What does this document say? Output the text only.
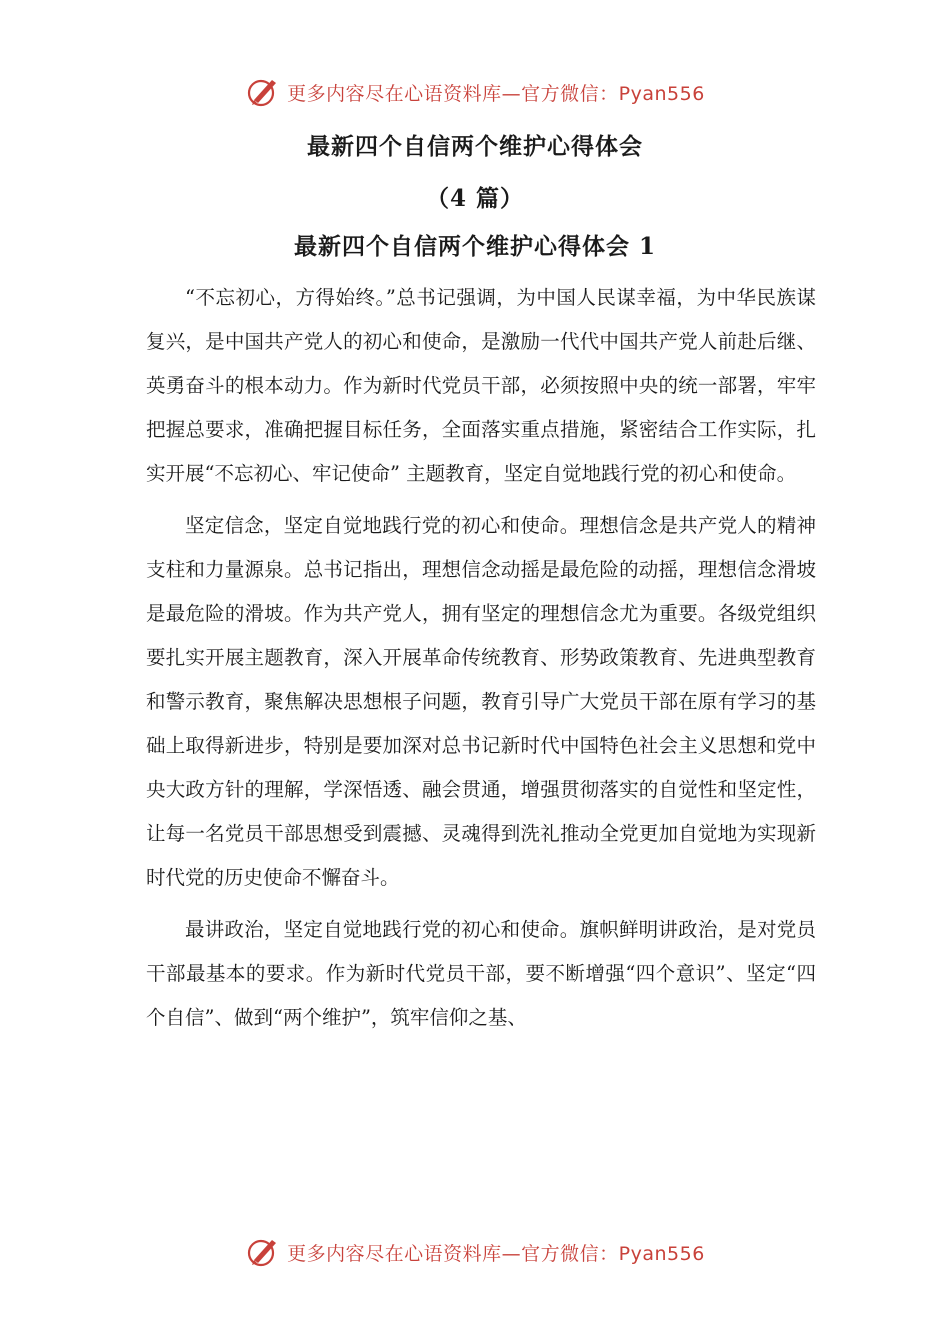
更多内容尽在心语资料库—官方微信：Pyan556
最新四个自信两个维护心得体会
（4 篇）
最新四个自信两个维护心得体会 1

“不忘初心，方得始终。”总书记强调，为中国人民谋幸福，为中华民族谋复兴，是中国共产党人的初心和使命，是激励一代代中国共产党人前赴后继、英勇奋斗的根本动力。作为新时代党员干部，必须按照中央的统一部署，牢牢把握总要求，准确把握目标任务，全面落实重点措施，紧密结合工作实际，扎实开展“不忘初心、牢记使命” 主题教育，坚定自觉地践行党的初心和使命。

坚定信念，坚定自觉地践行党的初心和使命。理想信念是共产党人的精神支柱和力量源泉。总书记指出，理想信念动摇是最危险的动摇，理想信念滑坡是最危险的滑坡。作为共产党人，拥有坚定的理想信念尤为重要。各级党组织要扎实开展主题教育，深入开展革命传统教育、形势政策教育、先进典型教育和警示教育，聚焦解决思想根子问题，教育引导广大党员干部在原有学习的基础上取得新进步，特别是要加深对总书记新时代中国特色社会主义思想和党中央大政方针的理解，学深悟透、融会贯通，增强贯彻落实的自觉性和坚定性，让每一名党员干部思想受到震撼、灵魂得到洗礼推动全党更加自觉地为实现新时代党的历史使命不懈奋斗。

最讲政治，坚定自觉地践行党的初心和使命。旗帜鲜明讲政治，是对党员干部最基本的要求。作为新时代党员干部，要不断增强“四个意识”、坚定“四个自信”、做到“两个维护”，筑牢信仰之基、

更多内容尽在心语资料库—官方微信：Pyan556
